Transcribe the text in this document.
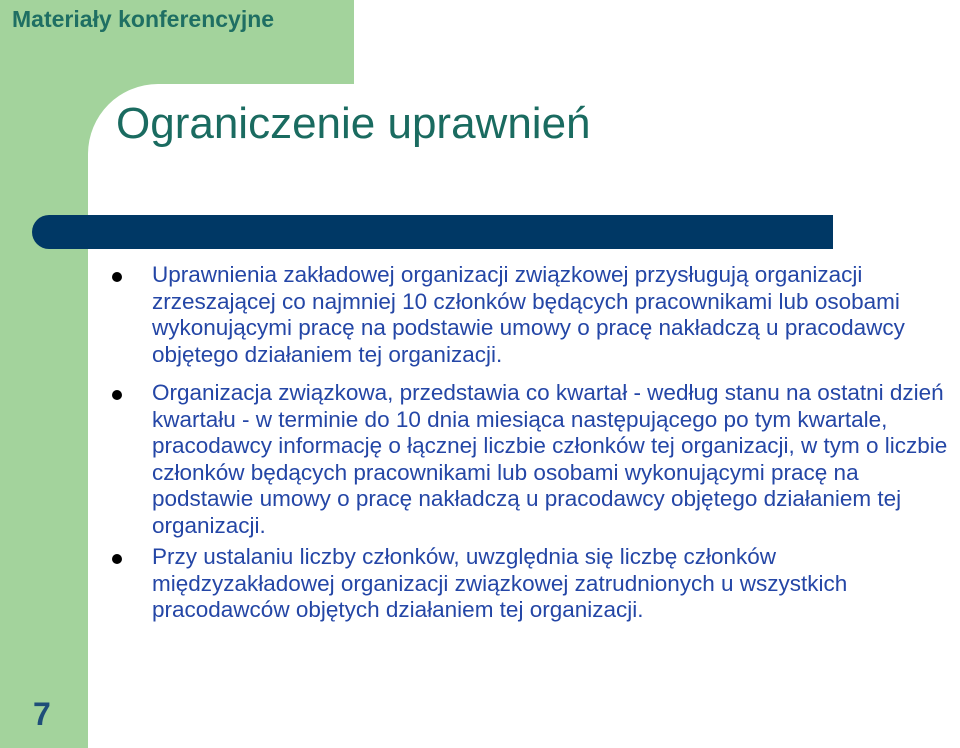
Materiały konferencyjne
Ograniczenie uprawnień
Uprawnienia zakładowej organizacji związkowej przysługują organizacji zrzeszającej co najmniej 10 członków będących pracownikami lub osobami wykonującymi pracę na podstawie umowy o pracę nakładczą u pracodawcy objętego działaniem tej organizacji.
Organizacja związkowa, przedstawia co kwartał - według stanu na ostatni dzień kwartału - w terminie do 10 dnia miesiąca następującego po tym kwartale, pracodawcy informację o łącznej liczbie członków tej organizacji, w tym o liczbie członków będących pracownikami lub osobami wykonującymi pracę na podstawie umowy o pracę nakładczą u pracodawcy objętego działaniem tej organizacji.
Przy ustalaniu liczby członków, uwzględnia się liczbę członków międzyzakładowej organizacji związkowej zatrudnionych u wszystkich pracodawców objętych działaniem tej organizacji.
7
